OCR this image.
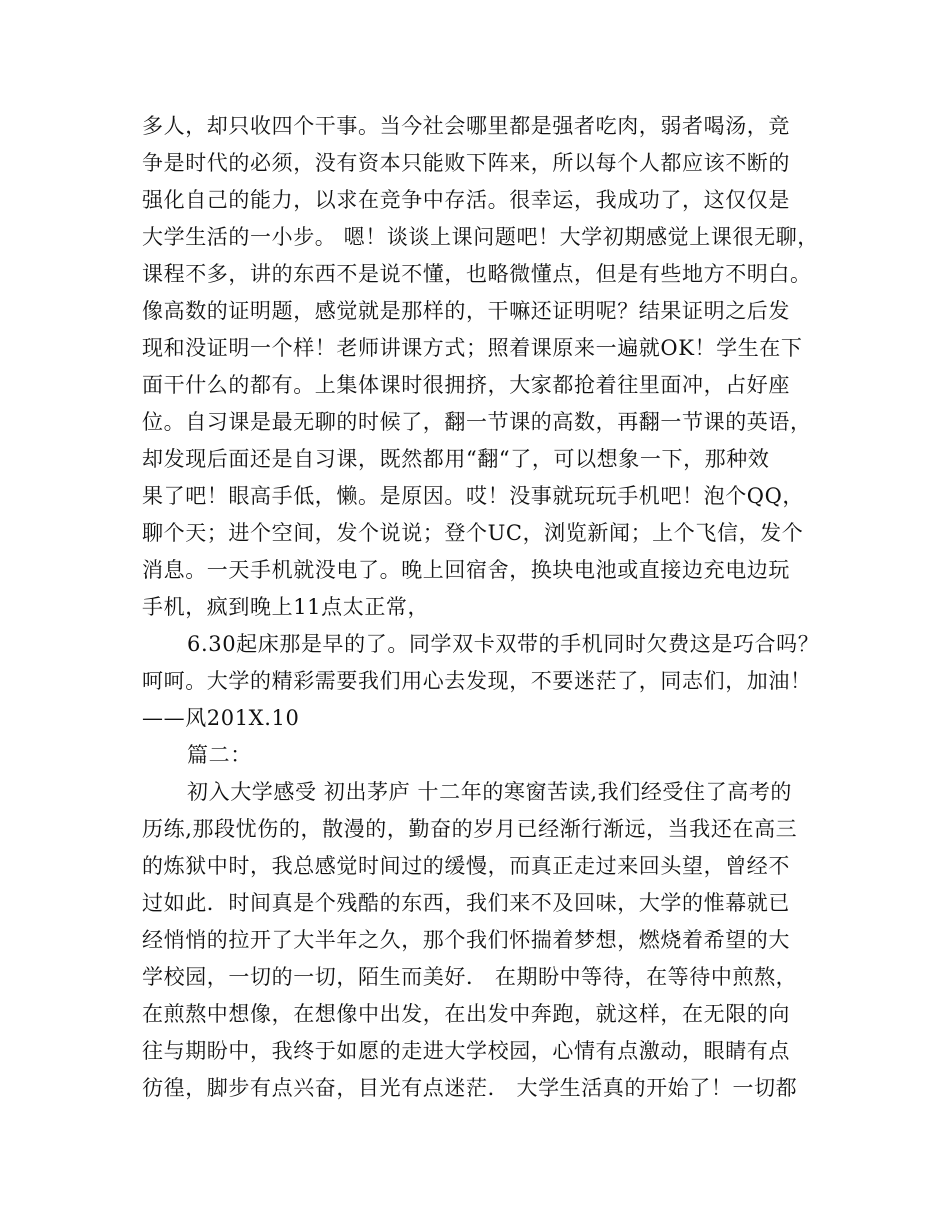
多人，却只收四个干事。当今社会哪里都是强者吃肉，弱者喝汤，竞
争是时代的必须，没有资本只能败下阵来，所以每个人都应该不断的
强化自己的能力，以求在竞争中存活。很幸运，我成功了，这仅仅是
大学生活的一小步。 嗯！谈谈上课问题吧！大学初期感觉上课很无聊，
课程不多，讲的东西不是说不懂，也略微懂点，但是有些地方不明白。
像高数的证明题，感觉就是那样的，干嘛还证明呢？结果证明之后发
现和没证明一个样！老师讲课方式；照着课原来一遍就OK！学生在下
面干什么的都有。上集体课时很拥挤，大家都抢着往里面冲，占好座
位。自习课是最无聊的时候了，翻一节课的高数，再翻一节课的英语，
却发现后面还是自习课，既然都用“翻“了，可以想象一下，那种效
果了吧！眼高手低，懒。是原因。哎！没事就玩玩手机吧！泡个QQ，
聊个天；进个空间，发个说说；登个UC，浏览新闻；上个飞信，发个
消息。一天手机就没电了。晚上回宿舍，换块电池或直接边充电边玩
手机，疯到晚上11点太正常，
6.30起床那是早的了。同学双卡双带的手机同时欠费这是巧合吗？
呵呵。大学的精彩需要我们用心去发现，不要迷茫了，同志们，加油！
——风201X.10
篇二：
初入大学感受 初出茅庐 十二年的寒窗苦读,我们经受住了高考的
历练,那段忧伤的，散漫的，勤奋的岁月已经渐行渐远，当我还在高三
的炼狱中时，我总感觉时间过的缓慢，而真正走过来回头望，曾经不
过如此．时间真是个残酷的东西，我们来不及回味，大学的惟幕就已
经悄悄的拉开了大半年之久，那个我们怀揣着梦想，燃烧着希望的大
学校园，一切的一切，陌生而美好． 在期盼中等待，在等待中煎熬，
在煎熬中想像，在想像中出发，在出发中奔跑，就这样，在无限的向
往与期盼中，我终于如愿的走进大学校园，心情有点激动，眼睛有点
彷徨，脚步有点兴奋，目光有点迷茫． 大学生活真的开始了！一切都
